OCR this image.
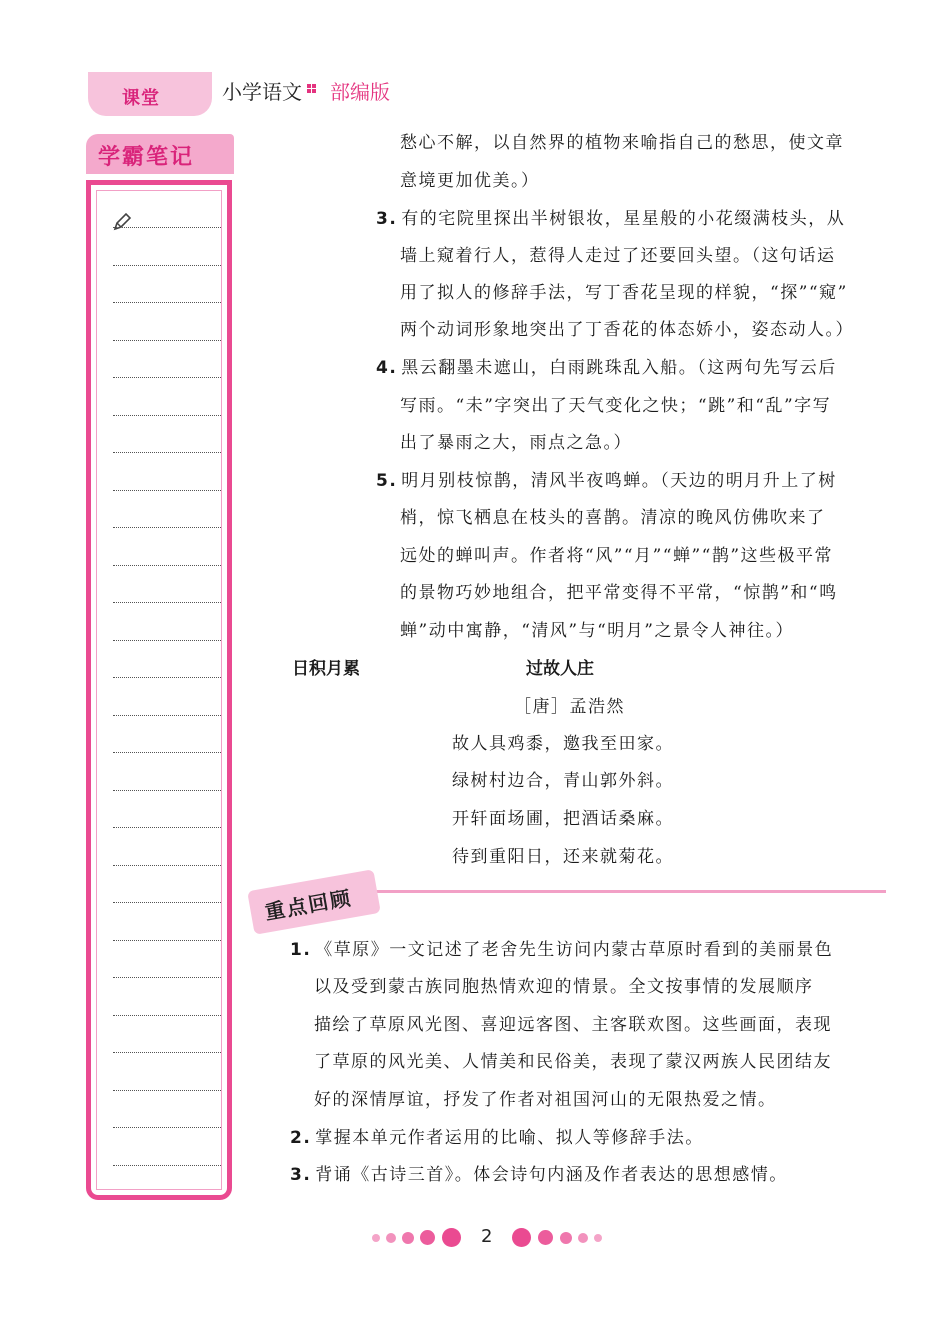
课堂	小学语文 部编版
学霸笔记
愁心不解，以自然界的植物来喻指自己的愁思，使文章
意境更加优美。）
3. 有的宅院里探出半树银妆，星星般的小花缀满枝头，从
墙上窥着行人，惹得人走过了还要回头望。（这句话运
用了拟人的修辞手法，写丁香花呈现的样貌，“探”“窥”
两个动词形象地突出了丁香花的体态娇小，姿态动人。）
4. 黑云翻墨未遮山，白雨跳珠乱入船。（这两句先写云后
写雨。“未”字突出了天气变化之快；“跳”和“乱”字写
出了暴雨之大，雨点之急。）
5. 明月别枝惊鹊，清风半夜鸣蝉。（天边的明月升上了树
梢，惊飞栖息在枝头的喜鹊。清凉的晚风仿佛吹来了
远处的蝉叫声。作者将“风”“月”“蝉”“鹊”这些极平常
的景物巧妙地组合，把平常变得不平常，“惊鹊”和“鸣
蝉”动中寓静，“清风”与“明月”之景令人神往。）
日积月累	过故人庄
［唐］孟浩然
故人具鸡黍，邀我至田家。
绿树村边合，青山郭外斜。
开轩面场圃，把酒话桑麻。
待到重阳日，还来就菊花。
重点回顾
1. 《草原》一文记述了老舍先生访问内蒙古草原时看到的美丽景色
以及受到蒙古族同胞热情欢迎的情景。全文按事情的发展顺序
描绘了草原风光图、喜迎远客图、主客联欢图。这些画面，表现
了草原的风光美、人情美和民俗美，表现了蒙汉两族人民团结友
好的深情厚谊，抒发了作者对祖国河山的无限热爱之情。
2. 掌握本单元作者运用的比喻、拟人等修辞手法。
3. 背诵《古诗三首》。体会诗句内涵及作者表达的思想感情。
2
